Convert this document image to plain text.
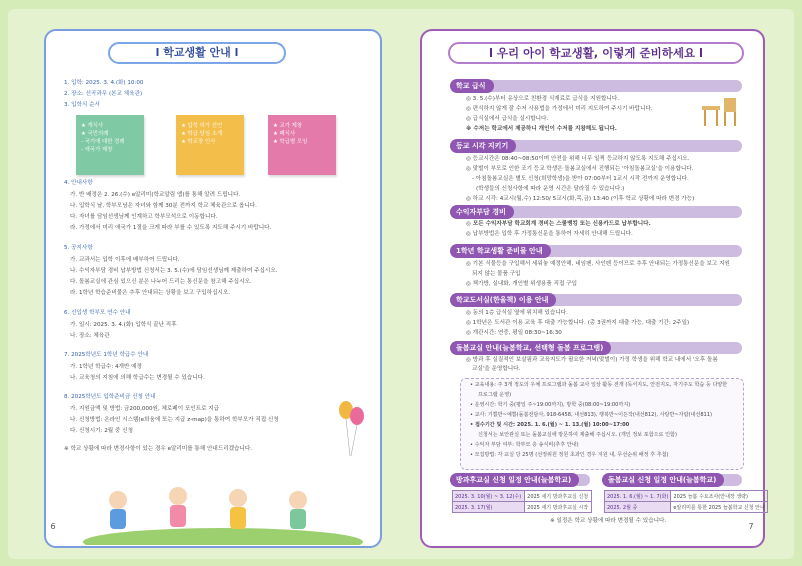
l 학교생활 안내 l
1. 입학: 2025. 3. 4.(화) 10:00
2. 장소: 선곡과무 (본교 체육관)
3. 입학식 순서
★ 개식사
★ 국민의례
- 국기에 대한 경례
- 애국가 제창
★ 입학 허가 선언
★ 학급 담임 소개
★ 학교장 인사
★ 교가 제창
★ 폐식사
★ 학급별 모임
4. 안내사항
가. 반 배정은 2. 26.(수) e알리미(학교알림 앱)를 통해 알려 드립니다.
나. 입학식 날, 학부모님은 자녀와 함께 30분 전까지 학교 체육관으로 옵니다.
다. 자녀를 담임선생님께 인계하고 학부모석으로 이동합니다.
라. 가정에서 미리 애국가 1절을 크게 따라 부를 수 있도록 지도해 주시기 바랍니다.
5. 공지사항
가. 교과서는 입학 이후에 배부하여 드립니다.
나. 수익자부담 경비 납부방법 신청서는 3. 5.(수)에 담임선생님께 제출하여 주십시오.
다. 돌봄교실에 관심 있으신 분은 나누어 드리는 통신문을 참고해 주십시오.
라. 1학년 학습준비물은 추후 안내되는 상황을 보고 구입하십시오.
6. 신입생 학부모 연수 안내
가. 일시: 2025. 3. 4.(화) 입학식 끝난 직후
나. 장소: 체육관
7. 2025학년도 1학년 학급수 안내
가. 1학년 학급수: 4개반 예정
나. 교육청의 지침에 의해 학급수는 변경될 수 있습니다.
8. 2025학년도 입학준비금 신청 안내
가. 지원금액 및 방법: 금200,000원, 체로페이 포인트로 지급
나. 신청방법: 온라인 시스템(e희움에 또는 지급 z-map)을 통하여 학부모가 직접 신청
다. 신청시기: 2월 중 신청
※ 학교 상황에 따라 변경사항이 있는 경우 e알리미를 통해 안내드리겠습니다.
6
l 우리 아이 학교생활, 이렇게 준비하세요 l
학교 급식
◎ 3. 5.(수)부터 유상으로 친환경 식재료로 급식을 지원합니다.
◎ 편식하지 않게 잘 수저 사용법을 가정에서 미리 지도하여 주시기 바랍니다.
◎ 급식실에서 급식을 실시합니다.
※ 수저는 학교에서 제공하니 개인이 수저를 지참해도 됩니다.
등교 시각 지키기
◎ 등교시간은 08:40~08:50이며 안전을 위해 너무 일찍 등교하지 않도록 지도해 주십시오.
◎ 맞벌이 부모로 인한 조기 등교 학생은 돌봄교실에서 진행되는 '아침돌봄교실'을 이용합니다.
- 아침돌봄교실은 별도 신청(희망학생)을 받아 07:00부터 1교시 시작 전까지 운영합니다.
(학생들의 신청사항에 따라 운영 시간은 달라질 수 있습니다.)
◎ 하교 시각: 4교시(월,수) 12:50/ 5교시(화,목,금) 13:40 (이후 학교 상황에 따라 변경 가능)
수익자부담 경비
◎ 모든 수익자부담 학교회계 경비는 스쿨뱅킹 또는 신용카드로 납부합니다.
◎ 납부방법은 입학 후 가정통신문을 통하여 자세히 안내해 드립니다.
1학년 학교생활 준비물 안내
◎ 기본 식물등을 구입해서 세워놓 예정안해, 네임펜, 사인펜 등이므로 추후 안내되는 가정통신문을 보고 지원
되지 않는 물품 구입
◎ 책가방, 실내화, 개인별 위생용품 직접 구입
학교도서실(한울책) 이용 안내
◎ 동의 1층 급식실 옆에 위치해 있습니다.
◎ 1학년은 도서관 이용 교육 후 대출 가능합니다. (총 3권까지 대출 가능, 대출 기간: 2주일)
◎ 개관시간: 연중, 평일 08:30~16:30
돌봄교실 안내(늘봄학교, 선택형 돌봄 프로그램)
◎ 방과 후 실질적인 보살핌과 교육지도가 필요한 저녁(맞벌이) 가정 학생을 위해 학교 내에서 '오후 돌봄
교실'을 운영합니다.
• 교육내용: 주 3개 정도의 우체 프로그램과 돌봄 교사 일상 활동 전개 (독서지도, 안전지도, 자기주도 학습 등 다양한
프로그램 운영)
• 운영시간: 학기 중(평일 주~19:00까지), 방학 중(08:00~19:00까지)
• 교사: 기쁨반~예쁨(돌봄전담사, 918-6458, 내선813), 행복반~이든작(내선812), 사랑반~자람(내선811)
• 접수기간 및 시간: 2025. 1. 6.(월) ~ 1. 13.(월) 10:00~17:00
신청서는 보안관실 또는 돌봄교실에 방문하여 제출해 주십시오. (개인 정보 포함으로 인함)
• 수익자 부담 여부: 학부모 층 송식비(추후 안내)
• 모집방법: 각 교실 당 25명 (선정위원 정원 초과인 경우 지원 내, 무선순위 배정 후 추첨)
방과후교실 신청 일정 안내(늘봄학교)	돌봄교실 신청 일정 안내(늘봄학교)
2025. 3. 10(월) ~ 3. 12(수)	2025 새기 방과후교실 신청
2025. 3. 17(월)	2025 새기 방과후교실 시작
2025. 1. 6.(월) ~ 1. 7(화)	2025 늘봄 수요조사(안내장 생략)
2025. 2월 중	e알리미를 통한 2025 늘봄학교 신청 안내
※ 일정은 학교 상황에 따라 변경될 수 있습니다.
7
